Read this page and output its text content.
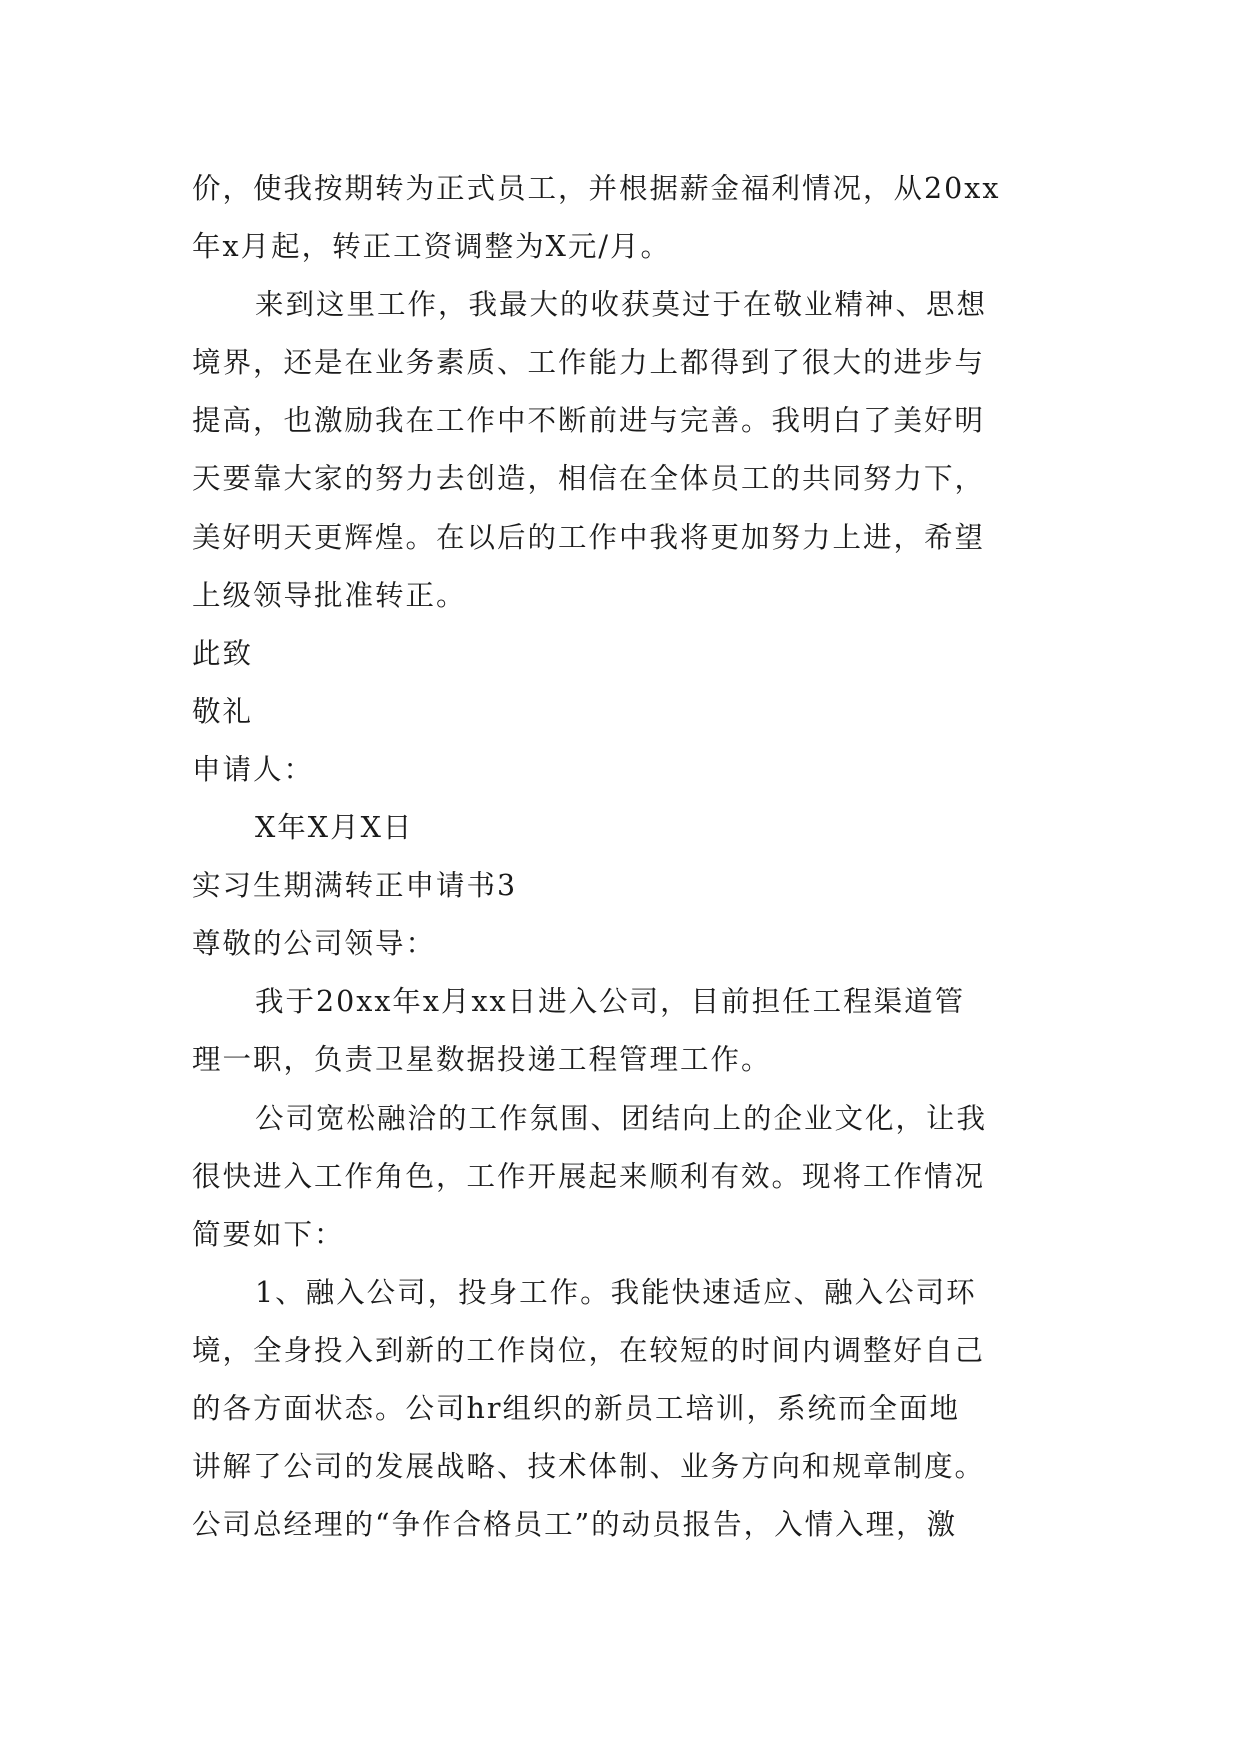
价，使我按期转为正式员工，并根据薪金福利情况，从20xx
年x月起，转正工资调整为X元/月。
来到这里工作，我最大的收获莫过于在敬业精神、思想
境界，还是在业务素质、工作能力上都得到了很大的进步与
提高，也激励我在工作中不断前进与完善。我明白了美好明
天要靠大家的努力去创造，相信在全体员工的共同努力下，
美好明天更辉煌。在以后的工作中我将更加努力上进，希望
上级领导批准转正。
此致
敬礼
申请人：
X年X月X日
实习生期满转正申请书3
尊敬的公司领导：
我于20xx年x月xx日进入公司，目前担任工程渠道管
理一职，负责卫星数据投递工程管理工作。
公司宽松融洽的工作氛围、团结向上的企业文化，让我
很快进入工作角色，工作开展起来顺利有效。现将工作情况
简要如下：
1、融入公司，投身工作。我能快速适应、融入公司环
境，全身投入到新的工作岗位，在较短的时间内调整好自己
的各方面状态。公司hr组织的新员工培训，系统而全面地
讲解了公司的发展战略、技术体制、业务方向和规章制度。
公司总经理的“争作合格员工”的动员报告，入情入理，激
